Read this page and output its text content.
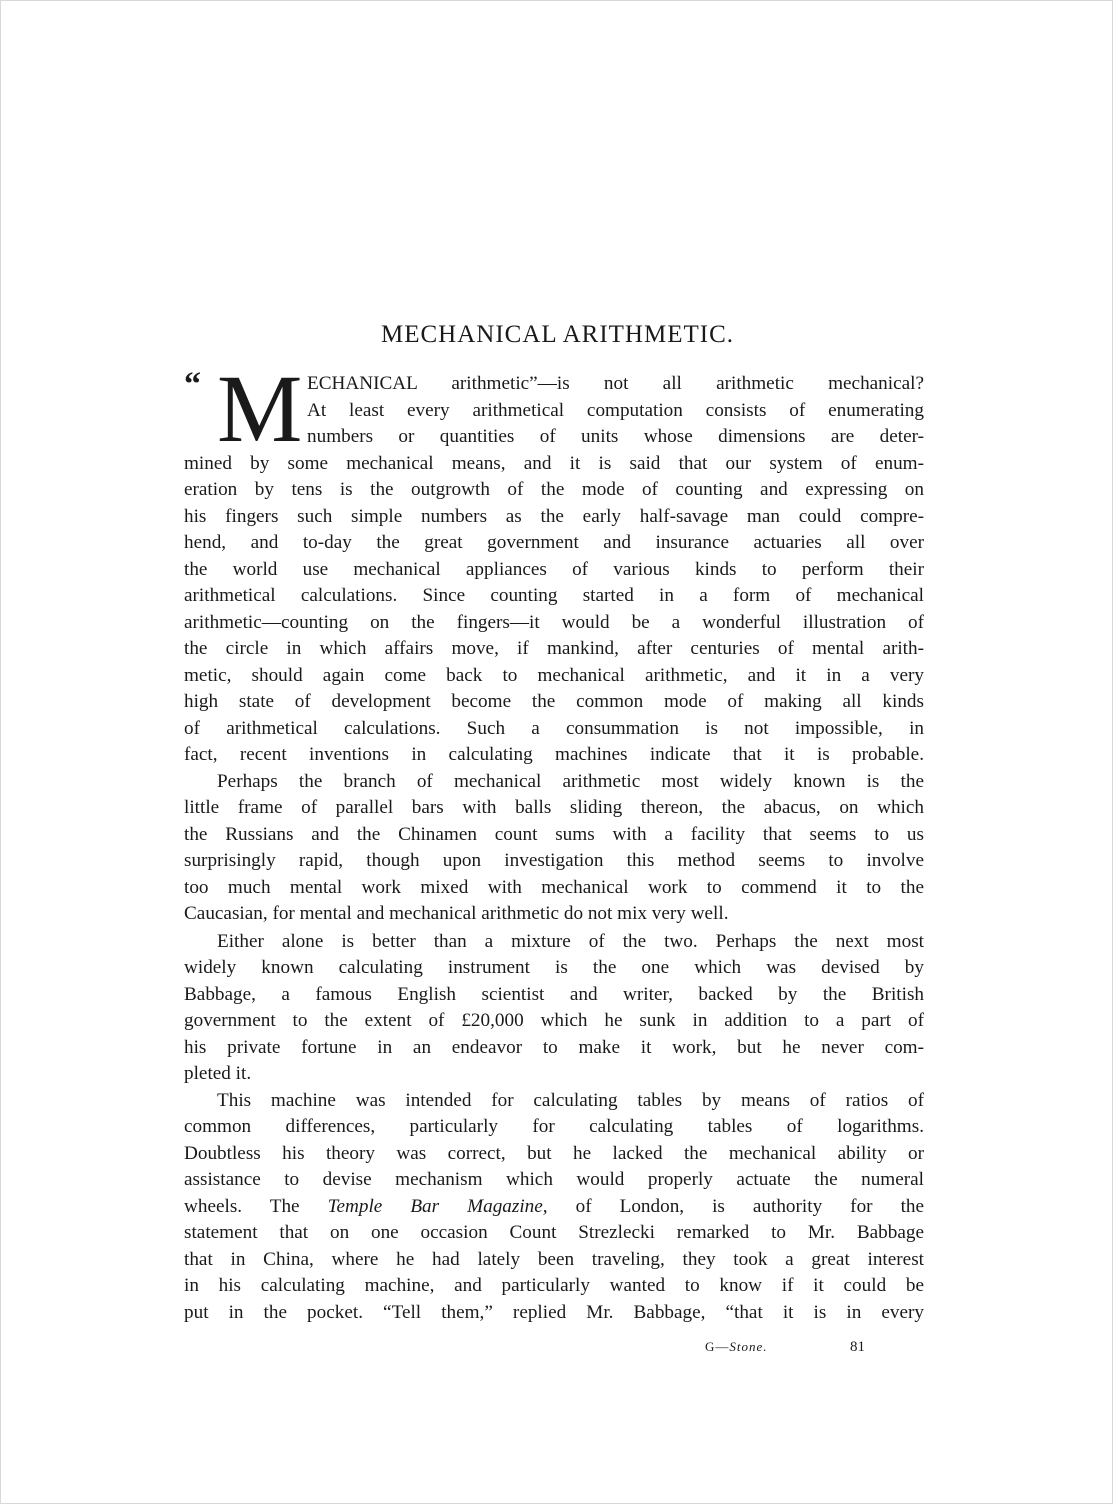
MECHANICAL ARITHMETIC.
“ M ECHANICAL arithmetic”—is not all arithmetic mechanical?
At least every arithmetical computation consists of enumerating
numbers or quantities of units whose dimensions are deter-
mined by some mechanical means, and it is said that our system of enum-
eration by tens is the outgrowth of the mode of counting and expressing on
his fingers such simple numbers as the early half-savage man could compre-
hend, and to-day the great government and insurance actuaries all over
the world use mechanical appliances of various kinds to perform their
arithmetical calculations. Since counting started in a form of mechanical
arithmetic—counting on the fingers—it would be a wonderful illustration of
the circle in which affairs move, if mankind, after centuries of mental arith-
metic, should again come back to mechanical arithmetic, and it in a very
high state of development become the common mode of making all kinds
of arithmetical calculations. Such a consummation is not impossible, in
fact, recent inventions in calculating machines indicate that it is probable.
Perhaps the branch of mechanical arithmetic most widely known is the
little frame of parallel bars with balls sliding thereon, the abacus, on which
the Russians and the Chinamen count sums with a facility that seems to us
surprisingly rapid, though upon investigation this method seems to involve
too much mental work mixed with mechanical work to commend it to the
Caucasian, for mental and mechanical arithmetic do not mix very well.
Either alone is better than a mixture of the two. Perhaps the next most
widely known calculating instrument is the one which was devised by
Babbage, a famous English scientist and writer, backed by the British
government to the extent of £20,000 which he sunk in addition to a part of
his private fortune in an endeavor to make it work, but he never com-
pleted it.
This machine was intended for calculating tables by means of ratios of
common differences, particularly for calculating tables of logarithms.
Doubtless his theory was correct, but he lacked the mechanical ability or
assistance to devise mechanism which would properly actuate the numeral
wheels. The Temple Bar Magazine, of London, is authority for the
statement that on one occasion Count Strezlecki remarked to Mr. Babbage
that in China, where he had lately been traveling, they took a great interest
in his calculating machine, and particularly wanted to know if it could be
put in the pocket. “Tell them,” replied Mr. Babbage, “that it is in every
G—Stone.	81
